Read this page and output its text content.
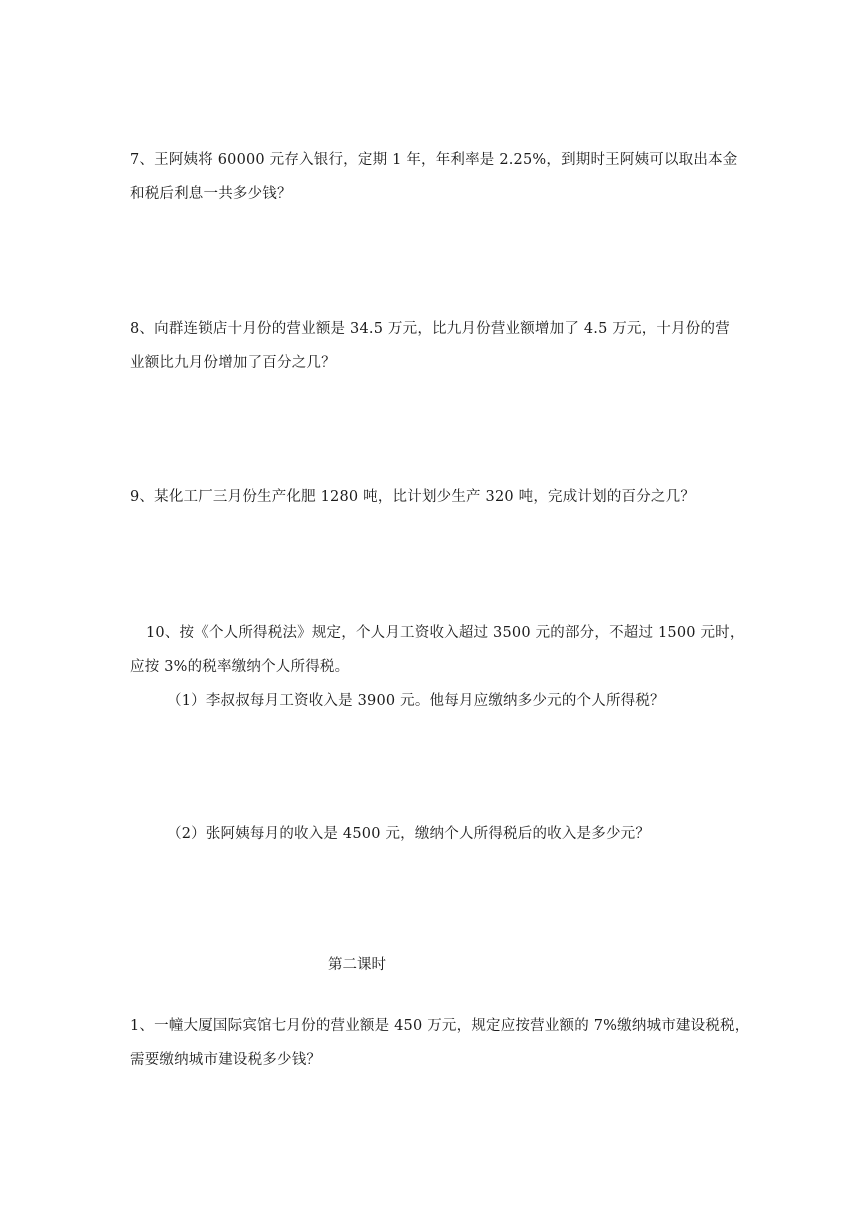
7、王阿姨将 60000 元存入银行，定期 1 年，年利率是 2.25%，到期时王阿姨可以取出本金
和税后利息一共多少钱？
8、向群连锁店十月份的营业额是 34.5 万元，比九月份营业额增加了 4.5 万元，十月份的营
业额比九月份增加了百分之几？
9、某化工厂三月份生产化肥 1280 吨，比计划少生产 320 吨，完成计划的百分之几？
10、按《个人所得税法》规定，个人月工资收入超过 3500 元的部分，不超过 1500 元时，
应按 3%的税率缴纳个人所得税。
（1）李叔叔每月工资收入是 3900 元。他每月应缴纳多少元的个人所得税？
（2）张阿姨每月的收入是 4500 元，缴纳个人所得税后的收入是多少元？
第二课时
1、一幢大厦国际宾馆七月份的营业额是 450 万元，规定应按营业额的 7%缴纳城市建设税税，
需要缴纳城市建设税多少钱？
